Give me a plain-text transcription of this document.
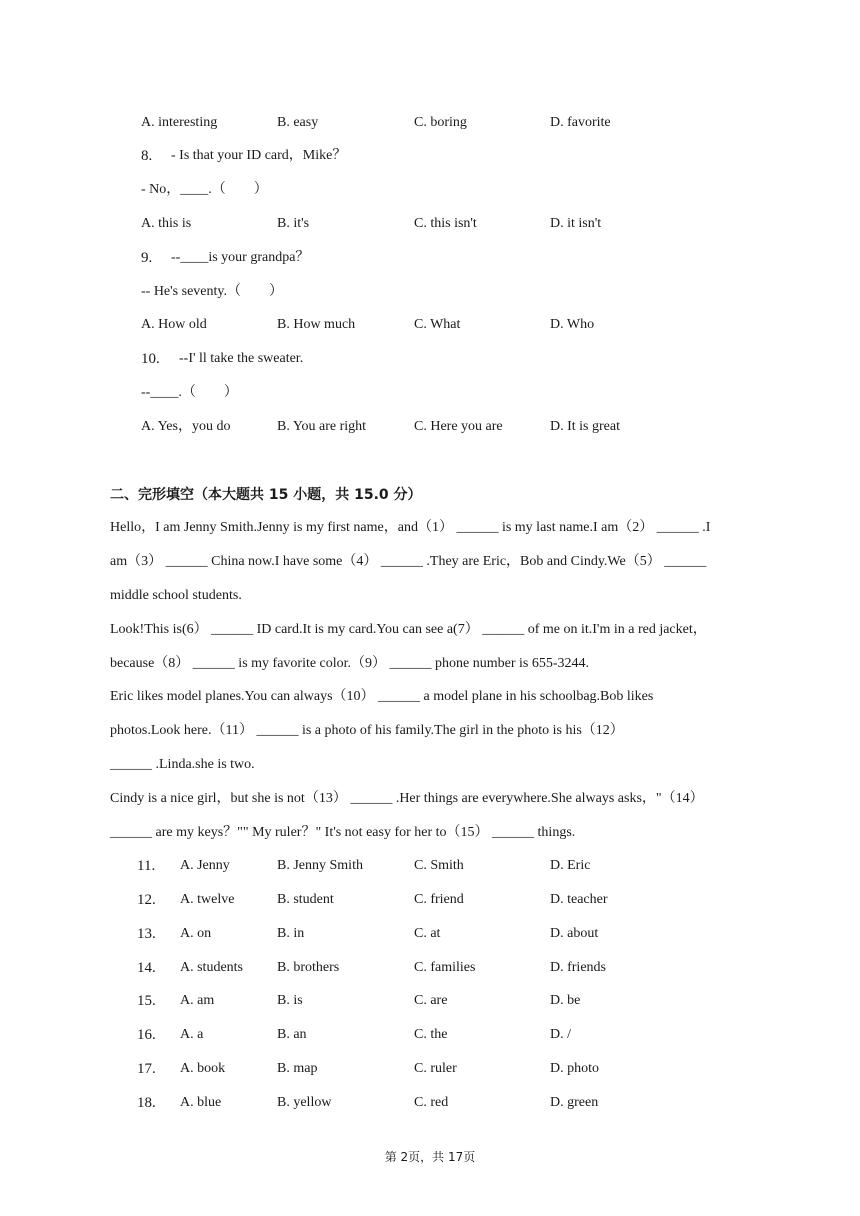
A. interesting	B. easy	C. boring	D. favorite
8. - Is that your ID card，Mike？
- No，____.（　　）
A. this is	B. it's	C. this isn't	D. it isn't
9. --____is your grandpa？
-- He's seventy.（　　）
A. How old	B. How much	C. What	D. Who
10. --I' ll take the sweater.
--____.（　　）
A. Yes，you do	B. You are right	C. Here you are	D. It is great
二、完形填空（本大题共 15 小题，共 15.0 分）
Hello，I am Jenny Smith.Jenny is my first name，and（1） ______ is my last name.I am（2） ______ .I
am（3） ______ China now.I have some（4） ______ .They are Eric，Bob and Cindy.We（5） ______
middle school students.
Look!This is(6） ______ ID card.It is my card.You can see a(7） ______ of me on it.I'm in a red jacket，
because（8） ______ is my favorite color.（9） ______ phone number is 655-3244.
Eric likes model planes.You can always（10） ______ a model plane in his schoolbag.Bob likes
photos.Look here.（11） ______ is a photo of his family.The girl in the photo is his（12）
______ .Linda.she is two.
Cindy is a nice girl，but she is not（13） ______ .Her things are everywhere.She always asks，"（14）
______ are my keys？"" My ruler？" It's not easy for her to（15） ______ things.
11. A. Jenny	B. Jenny Smith	C. Smith	D. Eric
12. A. twelve	B. student	C. friend	D. teacher
13. A. on	B. in	C. at	D. about
14. A. students B. brothers	C. families	D. friends
15. A. am	B. is	C. are	D. be
16. A. a	B. an	C. the	D. /
17. A. book	B. map	C. ruler	D. photo
18. A. blue	B. yellow	C. red	D. green
第 2页，共 17页
